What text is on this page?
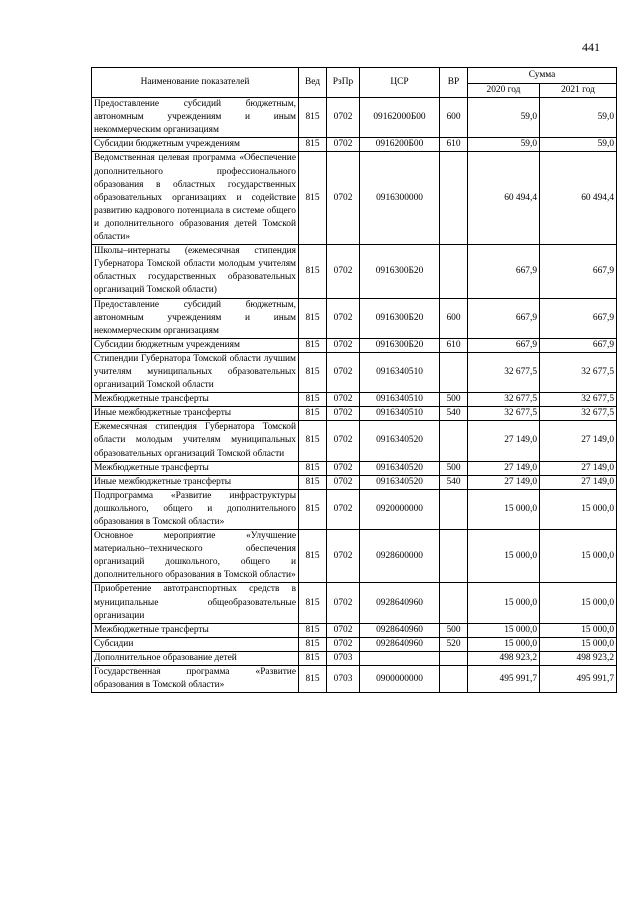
441
Наименование показателей	Вед	РзПр	ЦСР	ВР	Сумма	
					2020 год	2021 год
Предоставление субсидий бюджетным, автономным учреждениям и иным некоммерческим организациям	815	0702	09162000Б00	600	59,0	59,0
Субсидии бюджетным учреждениям	815	0702	0916200Б00	610	59,0	59,0
Ведомственная целевая программа «Обеспечение дополнительного профессионального образования в областных государственных образовательных организациях и содействие развитию кадрового потенциала в системе общего и дополнительного образования детей Томской области»	815	0702	0916300000		60 494,4	60 494,4
Школы–интернаты (ежемесячная стипендия Губернатора Томской области молодым учителям областных государственных образовательных организаций Томской области)	815	0702	0916300Б20		667,9	667,9
Предоставление субсидий бюджетным, автономным учреждениям и иным некоммерческим организациям	815	0702	0916300Б20	600	667,9	667,9
Субсидии бюджетным учреждениям	815	0702	0916300Б20	610	667,9	667,9
Стипендии Губернатора Томской области лучшим учителям муниципальных образовательных организаций Томской области	815	0702	0916340510		32 677,5	32 677,5
Межбюджетные трансферты	815	0702	0916340510	500	32 677,5	32 677,5
Иные межбюджетные трансферты	815	0702	0916340510	540	32 677,5	32 677,5
Ежемесячная стипендия Губернатора Томской области молодым учителям муниципальных образовательных организаций Томской области	815	0702	0916340520		27 149,0	27 149,0
Межбюджетные трансферты	815	0702	0916340520	500	27 149,0	27 149,0
Иные межбюджетные трансферты	815	0702	0916340520	540	27 149,0	27 149,0
Подпрограмма «Развитие инфраструктуры дошкольного, общего и дополнительного образования в Томской области»	815	0702	0920000000		15 000,0	15 000,0
Основное мероприятие «Улучшение материально–технического обеспечения организаций дошкольного, общего и дополнительного образования в Томской области»	815	0702	0928600000		15 000,0	15 000,0
Приобретение автотранспортных средств в муниципальные общеобразовательные организации	815	0702	0928640960		15 000,0	15 000,0
Межбюджетные трансферты	815	0702	0928640960	500	15 000,0	15 000,0
Субсидии	815	0702	0928640960	520	15 000,0	15 000,0
Дополнительное образование детей	815	0703			498 923,2	498 923,2
Государственная программа «Развитие образования в Томской области»	815	0703	0900000000		495 991,7	495 991,7
